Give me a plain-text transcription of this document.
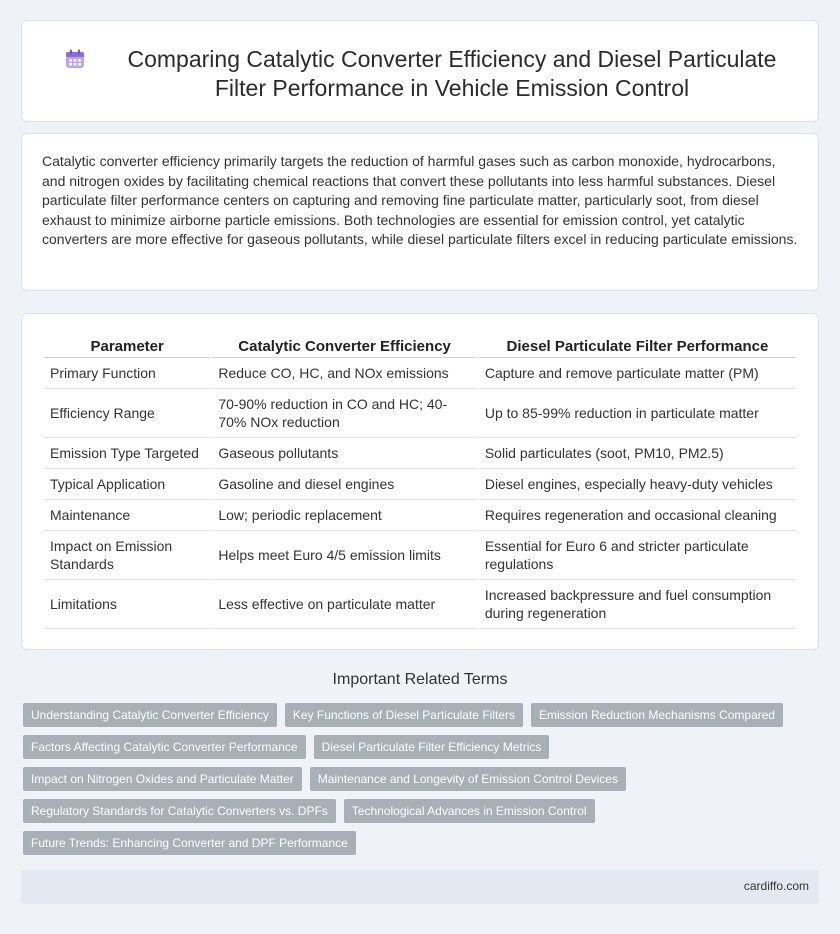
Comparing Catalytic Converter Efficiency and Diesel Particulate Filter Performance in Vehicle Emission Control

Catalytic converter efficiency primarily targets the reduction of harmful gases such as carbon monoxide, hydrocarbons, and nitrogen oxides by facilitating chemical reactions that convert these pollutants into less harmful substances. Diesel particulate filter performance centers on capturing and removing fine particulate matter, particularly soot, from diesel exhaust to minimize airborne particle emissions. Both technologies are essential for emission control, yet catalytic converters are more effective for gaseous pollutants, while diesel particulate filters excel in reducing particulate emissions.

Parameter	Catalytic Converter Efficiency	Diesel Particulate Filter Performance
Primary Function	Reduce CO, HC, and NOx emissions	Capture and remove particulate matter (PM)
Efficiency Range	70-90% reduction in CO and HC; 40-70% NOx reduction	Up to 85-99% reduction in particulate matter
Emission Type Targeted	Gaseous pollutants	Solid particulates (soot, PM10, PM2.5)
Typical Application	Gasoline and diesel engines	Diesel engines, especially heavy-duty vehicles
Maintenance	Low; periodic replacement	Requires regeneration and occasional cleaning
Impact on Emission Standards	Helps meet Euro 4/5 emission limits	Essential for Euro 6 and stricter particulate regulations
Limitations	Less effective on particulate matter	Increased backpressure and fuel consumption during regeneration
Important Related Terms
Understanding Catalytic Converter Efficiency	Key Functions of Diesel Particulate Filters	Emission Reduction Mechanisms Compared
Factors Affecting Catalytic Converter Performance	Diesel Particulate Filter Efficiency Metrics
Impact on Nitrogen Oxides and Particulate Matter	Maintenance and Longevity of Emission Control Devices
Regulatory Standards for Catalytic Converters vs. DPFs	Technological Advances in Emission Control
Future Trends: Enhancing Converter and DPF Performance
cardiffo.com
